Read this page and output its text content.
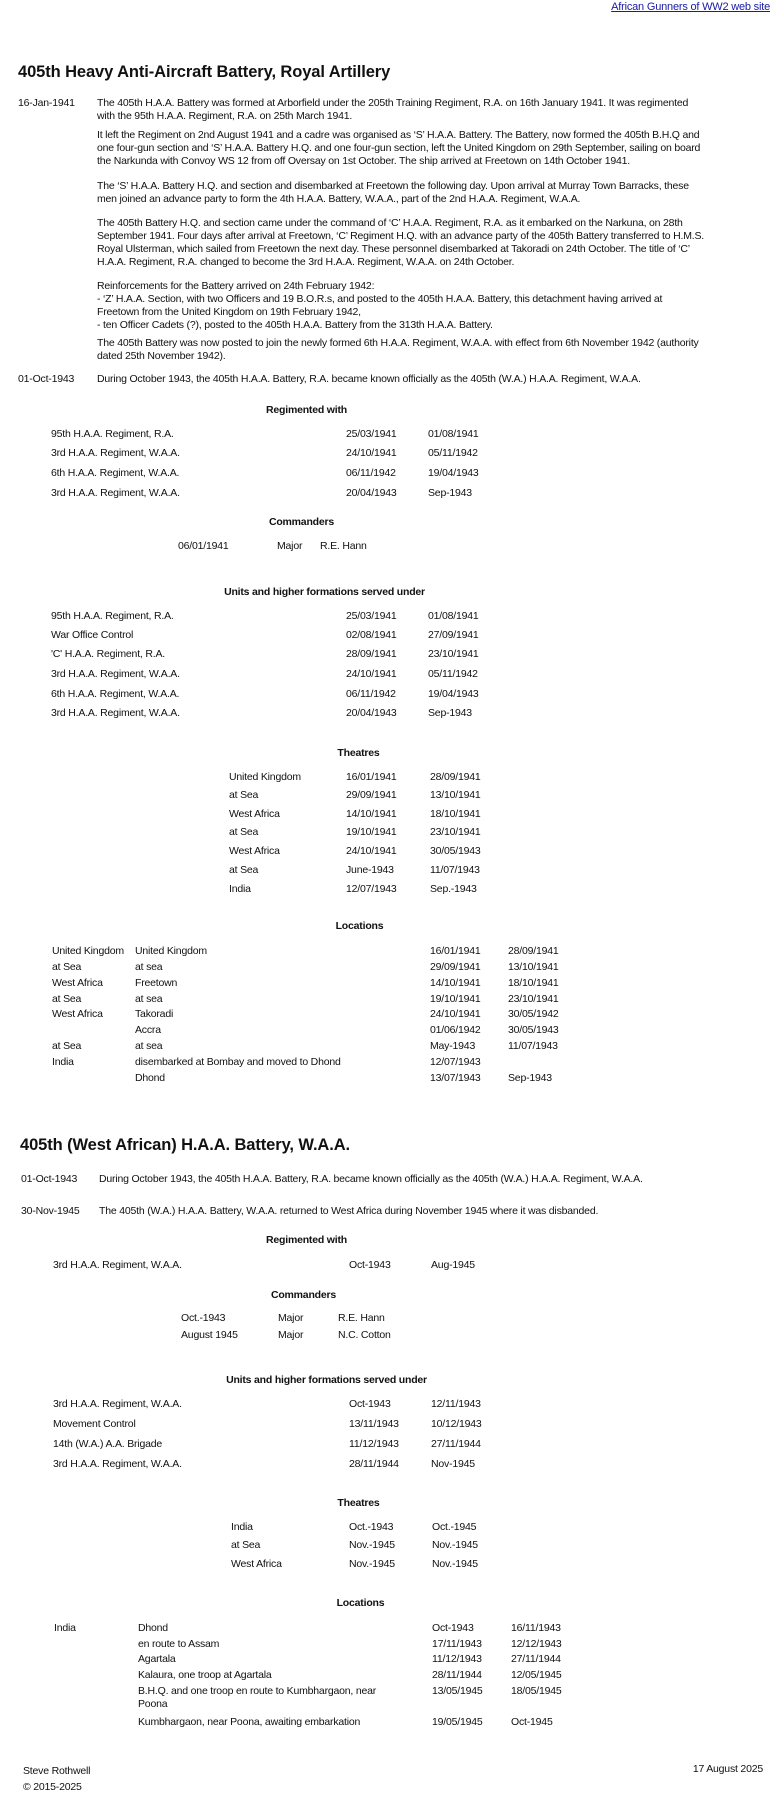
African Gunners of WW2 web site
405th Heavy Anti-Aircraft Battery, Royal Artillery
16-Jan-1941 The 405th H.A.A. Battery was formed at Arborfield under the 205th Training Regiment, R.A. on 16th January 1941. It was regimented with the 95th H.A.A. Regiment, R.A. on 25th March 1941.
It left the Regiment on 2nd August 1941 and a cadre was organised as ‘S’ H.A.A. Battery. The Battery, now formed the 405th B.H.Q and one four-gun section and ‘S’ H.A.A. Battery H.Q. and one four-gun section, left the United Kingdom on 29th September, sailing on board the Narkunda with Convoy WS 12 from off Oversay on 1st October. The ship arrived at Freetown on 14th October 1941.
The ‘S’ H.A.A. Battery H.Q. and section and disembarked at Freetown the following day. Upon arrival at Murray Town Barracks, these men joined an advance party to form the 4th H.A.A. Battery, W.A.A., part of the 2nd H.A.A. Regiment, W.A.A.
The 405th Battery H.Q. and section came under the command of ‘C’ H.A.A. Regiment, R.A. as it embarked on the Narkuna, on 28th September 1941. Four days after arrival at Freetown, ‘C’ Regiment H.Q. with an advance party of the 405th Battery transferred to H.M.S. Royal Ulsterman, which sailed from Freetown the next day. These personnel disembarked at Takoradi on 24th October. The title of ‘C’ H.A.A. Regiment, R.A. changed to become the 3rd H.A.A. Regiment, W.A.A. on 24th October.
Reinforcements for the Battery arrived on 24th February 1942:
- ‘Z’ H.A.A. Section, with two Officers and 19 B.O.R.s, and posted to the 405th H.A.A. Battery, this detachment having arrived at Freetown from the United Kingdom on 19th February 1942,
- ten Officer Cadets (?), posted to the 405th H.A.A. Battery from the 313th H.A.A. Battery.
The 405th Battery was now posted to join the newly formed 6th H.A.A. Regiment, W.A.A. with effect from 6th November 1942 (authority dated 25th November 1942).
01-Oct-1943 During October 1943, the 405th H.A.A. Battery, R.A. became known officially as the 405th (W.A.) H.A.A. Regiment, W.A.A.
Regimented with
95th H.A.A. Regiment, R.A.	25/03/1941	01/08/1941
3rd H.A.A. Regiment, W.A.A.	24/10/1941	05/11/1942
6th H.A.A. Regiment, W.A.A.	06/11/1942	19/04/1943
3rd H.A.A. Regiment, W.A.A.	20/04/1943	Sep-1943
Commanders
06/01/1941	Major R.E. Hann
Units and higher formations served under
95th H.A.A. Regiment, R.A.	25/03/1941	01/08/1941
War Office Control	02/08/1941	27/09/1941
'C' H.A.A. Regiment, R.A.	28/09/1941	23/10/1941
3rd H.A.A. Regiment, W.A.A.	24/10/1941	05/11/1942
6th H.A.A. Regiment, W.A.A.	06/11/1942	19/04/1943
3rd H.A.A. Regiment, W.A.A.	20/04/1943	Sep-1943
Theatres
United Kingdom	16/01/1941	28/09/1941
at Sea	29/09/1941	13/10/1941
West Africa	14/10/1941	18/10/1941
at Sea	19/10/1941	23/10/1941
West Africa	24/10/1941	30/05/1943
at Sea	June-1943	11/07/1943
India	12/07/1943	Sep.-1943
Locations
United Kingdom United Kingdom	16/01/1941	28/09/1941
at Sea	at sea	29/09/1941	13/10/1941
West Africa	Freetown	14/10/1941	18/10/1941
at Sea	at sea	19/10/1941	23/10/1941
West Africa	Takoradi	24/10/1941	30/05/1942
Accra	01/06/1942	30/05/1943
at Sea	at sea	May-1943	11/07/1943
India	disembarked at Bombay and moved to Dhond	12/07/1943
Dhond	13/07/1943	Sep-1943
405th (West African) H.A.A. Battery, W.A.A.
01-Oct-1943 During October 1943, the 405th H.A.A. Battery, R.A. became known officially as the 405th (W.A.) H.A.A. Regiment, W.A.A.
30-Nov-1945 The 405th (W.A.) H.A.A. Battery, W.A.A. returned to West Africa during November 1945 where it was disbanded.
Regimented with
3rd H.A.A. Regiment, W.A.A.	Oct-1943	Aug-1945
Commanders
Oct.-1943	Major	R.E. Hann
August 1945	Major	N.C. Cotton
Units and higher formations served under
3rd H.A.A. Regiment, W.A.A.	Oct-1943	12/11/1943
Movement Control	13/11/1943	10/12/1943
14th (W.A.) A.A. Brigade	11/12/1943	27/11/1944
3rd H.A.A. Regiment, W.A.A.	28/11/1944	Nov-1945
Theatres
India	Oct.-1943	Oct.-1945
at Sea	Nov.-1945	Nov.-1945
West Africa	Nov.-1945	Nov.-1945
Locations
India	Dhond	Oct-1943	16/11/1943
en route to Assam	17/11/1943	12/12/1943
Agartala	11/12/1943	27/11/1944
Kalaura, one troop at Agartala	28/11/1944	12/05/1945
B.H.Q. and one troop en route to Kumbhargaon, near Poona
13/05/1945	18/05/1945
Kumbhargaon, near Poona, awaiting embarkation	19/05/1945	Oct-1945
Steve Rothwell
© 2015-2025
17 August 2025
